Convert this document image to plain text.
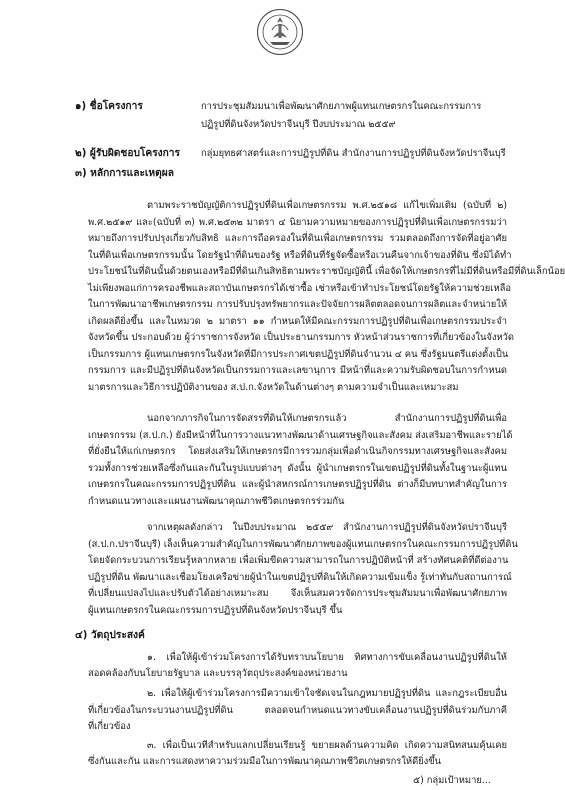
๑) ชื่อโครงการ	การประชุมสัมมนาเพื่อพัฒนาศักยภาพผู้แทนเกษตรกรในคณะกรรมการ
ปฏิรูปที่ดินจังหวัดปราจีนบุรี ปีงบประมาณ ๒๕๕๙
๒) ผู้รับผิดชอบโครงการ กลุ่มยุทธศาสตร์และการปฏิรูปที่ดิน สำนักงานการปฏิรูปที่ดินจังหวัดปราจีนบุรี
๓) หลักการและเหตุผล
ตามพระราชบัญญัติการปฏิรูปที่ดินเพื่อเกษตรกรรม พ.ศ.๒๕๑๘ แก้ไขเพิ่มเติม (ฉบับที่ ๒)
พ.ศ.๒๕๑๙ และ(ฉบับที่ ๓) พ.ศ.๒๕๓๒ มาตรา ๔ นิยามความหมายของการปฏิรูปที่ดินเพื่อเกษตรกรรมว่า
หมายถึงการปรับปรุงเกี่ยวกับสิทธิ และการถือครองในที่ดินเพื่อเกษตรกรรม รวมตลอดถึงการจัดที่อยู่อาศัย
ในที่ดินเพื่อเกษตรกรรมนั้น โดยรัฐนำที่ดินของรัฐ หรือที่ดินที่รัฐจัดซื้อหรือเวนคืนจากเจ้าของที่ดิน ซึ่งมิได้ทำ
ประโยชน์ในที่ดินนั้นด้วยตนเองหรือมีที่ดินเกินสิทธิตามพระราชบัญญัตินี้ เพื่อจัดให้เกษตรกรที่ไม่มีที่ดินหรือมีที่ดินเล็กน้อย
ไม่เพียงพอแก่การครองชีพและสถาบันเกษตรกรได้เช่าซื้อ เช่าหรือเข้าทำประโยชน์โดยรัฐให้ความช่วยเหลือ
ในการพัฒนาอาชีพเกษตรกรรม การปรับปรุงทรัพยากรและปัจจัยการผลิตตลอดจนการผลิตและจำหน่ายให้
เกิดผลดียิ่งขึ้น และในหมวด ๒ มาตรา ๑๑ กำหนดให้มีคณะกรรมการปฏิรูปที่ดินเพื่อเกษตรกรรมประจำ
จังหวัดขึ้น ประกอบด้วย ผู้ว่าราชการจังหวัด เป็นประธานกรรมการ หัวหน้าส่วนราชการที่เกี่ยวข้องในจังหวัด
เป็นกรรมการ ผู้แทนเกษตรกรในจังหวัดที่มีการประกาศเขตปฏิรูปที่ดินจำนวน ๔ คน ซึ่งรัฐมนตรีแต่งตั้งเป็น
กรรมการ และมีปฏิรูปที่ดินจังหวัดเป็นกรรมการและเลขานุการ มีหน้าที่และความรับผิดชอบในการกำหนด
มาตรการและวิธีการปฏิบัติงานของ ส.ป.ก.จังหวัดในด้านต่างๆ ตามความจำเป็นและเหมาะสม
นอกจากภารกิจในการจัดสรรที่ดินให้เกษตรกรแล้ว สำนักงานการปฏิรูปที่ดินเพื่อ
เกษตรกรรม (ส.ป.ก.) ยังมีหน้าที่ในการวางแนวทางพัฒนาด้านเศรษฐกิจและสังคม ส่งเสริมอาชีพและรายได้
ที่ยั่งยืนให้แก่เกษตรกร โดยส่งเสริมให้เกษตรกรมีการรวมกลุ่มเพื่อดำเนินกิจกรรมทางเศรษฐกิจและสังคม
รวมทั้งการช่วยเหลือซึ่งกันและกันในรูปแบบต่างๆ ดังนั้น ผู้นำเกษตรกรในเขตปฏิรูปที่ดินทั้งในฐานะผู้แทน
เกษตรกรในคณะกรรมการปฏิรูปที่ดิน และผู้นำสหกรณ์การเกษตรปฏิรูปที่ดิน ต่างก็มีบทบาทสำคัญในการ
กำหนดแนวทางและแผนงานพัฒนาคุณภาพชีวิตเกษตรกรร่วมกัน
จากเหตุผลดังกล่าว ในปีงบประมาณ ๒๕๕๙ สำนักงานการปฏิรูปที่ดินจังหวัดปราจีนบุรี
(ส.ป.ก.ปราจีนบุรี) เล็งเห็นความสำคัญในการพัฒนาศักยภาพของผู้แทนเกษตรกรในคณะกรรมการปฏิรูปที่ดิน
โดยจัดกระบวนการเรียนรู้หลากหลาย เพื่อเพิ่มขีดความสามารถในการปฏิบัติหน้าที่ สร้างทัศนคติที่ดีต่องาน
ปฏิรูปที่ดิน พัฒนาและเชื่อมโยงเครือข่ายผู้นำในเขตปฏิรูปที่ดินให้เกิดความเข้มแข็ง รู้เท่าทันกับสถานการณ์
ที่เปลี่ยนแปลงไปและปรับตัวได้อย่างเหมาะสม จึงเห็นสมควรจัดการประชุมสัมมนาเพื่อพัฒนาศักยภาพ
ผู้แทนเกษตรกรในคณะกรรมการปฏิรูปที่ดินจังหวัดปราจีนบุรี ขึ้น
๔) วัตถุประสงค์
๑. เพื่อให้ผู้เข้าร่วมโครงการได้รับทราบนโยบาย ทิศทางการขับเคลื่อนงานปฏิรูปที่ดินให้
สอดคล้องกับนโยบายรัฐบาล และบรรลุวัตถุประสงค์ของหน่วยงาน
๒. เพื่อให้ผู้เข้าร่วมโครงการมีความเข้าใจชัดเจนในกฎหมายปฏิรูปที่ดิน และกฎระเบียบอื่น
ที่เกี่ยวข้องในกระบวนงานปฏิรูปที่ดิน ตลอดจนกำหนดแนวทางขับเคลื่อนงานปฏิรูปที่ดินร่วมกับภาคี
ที่เกี่ยวข้อง
๓. เพื่อเป็นเวทีสำหรับแลกเปลี่ยนเรียนรู้ ขยายผลด้านความคิด เกิดความสนิทสนมคุ้นเคย
ซึ่งกันและกัน และการแสดงหาความร่วมมือในการพัฒนาคุณภาพชีวิตเกษตรกรให้ดียิ่งขึ้น
๕) กลุ่มเป้าหมาย...
